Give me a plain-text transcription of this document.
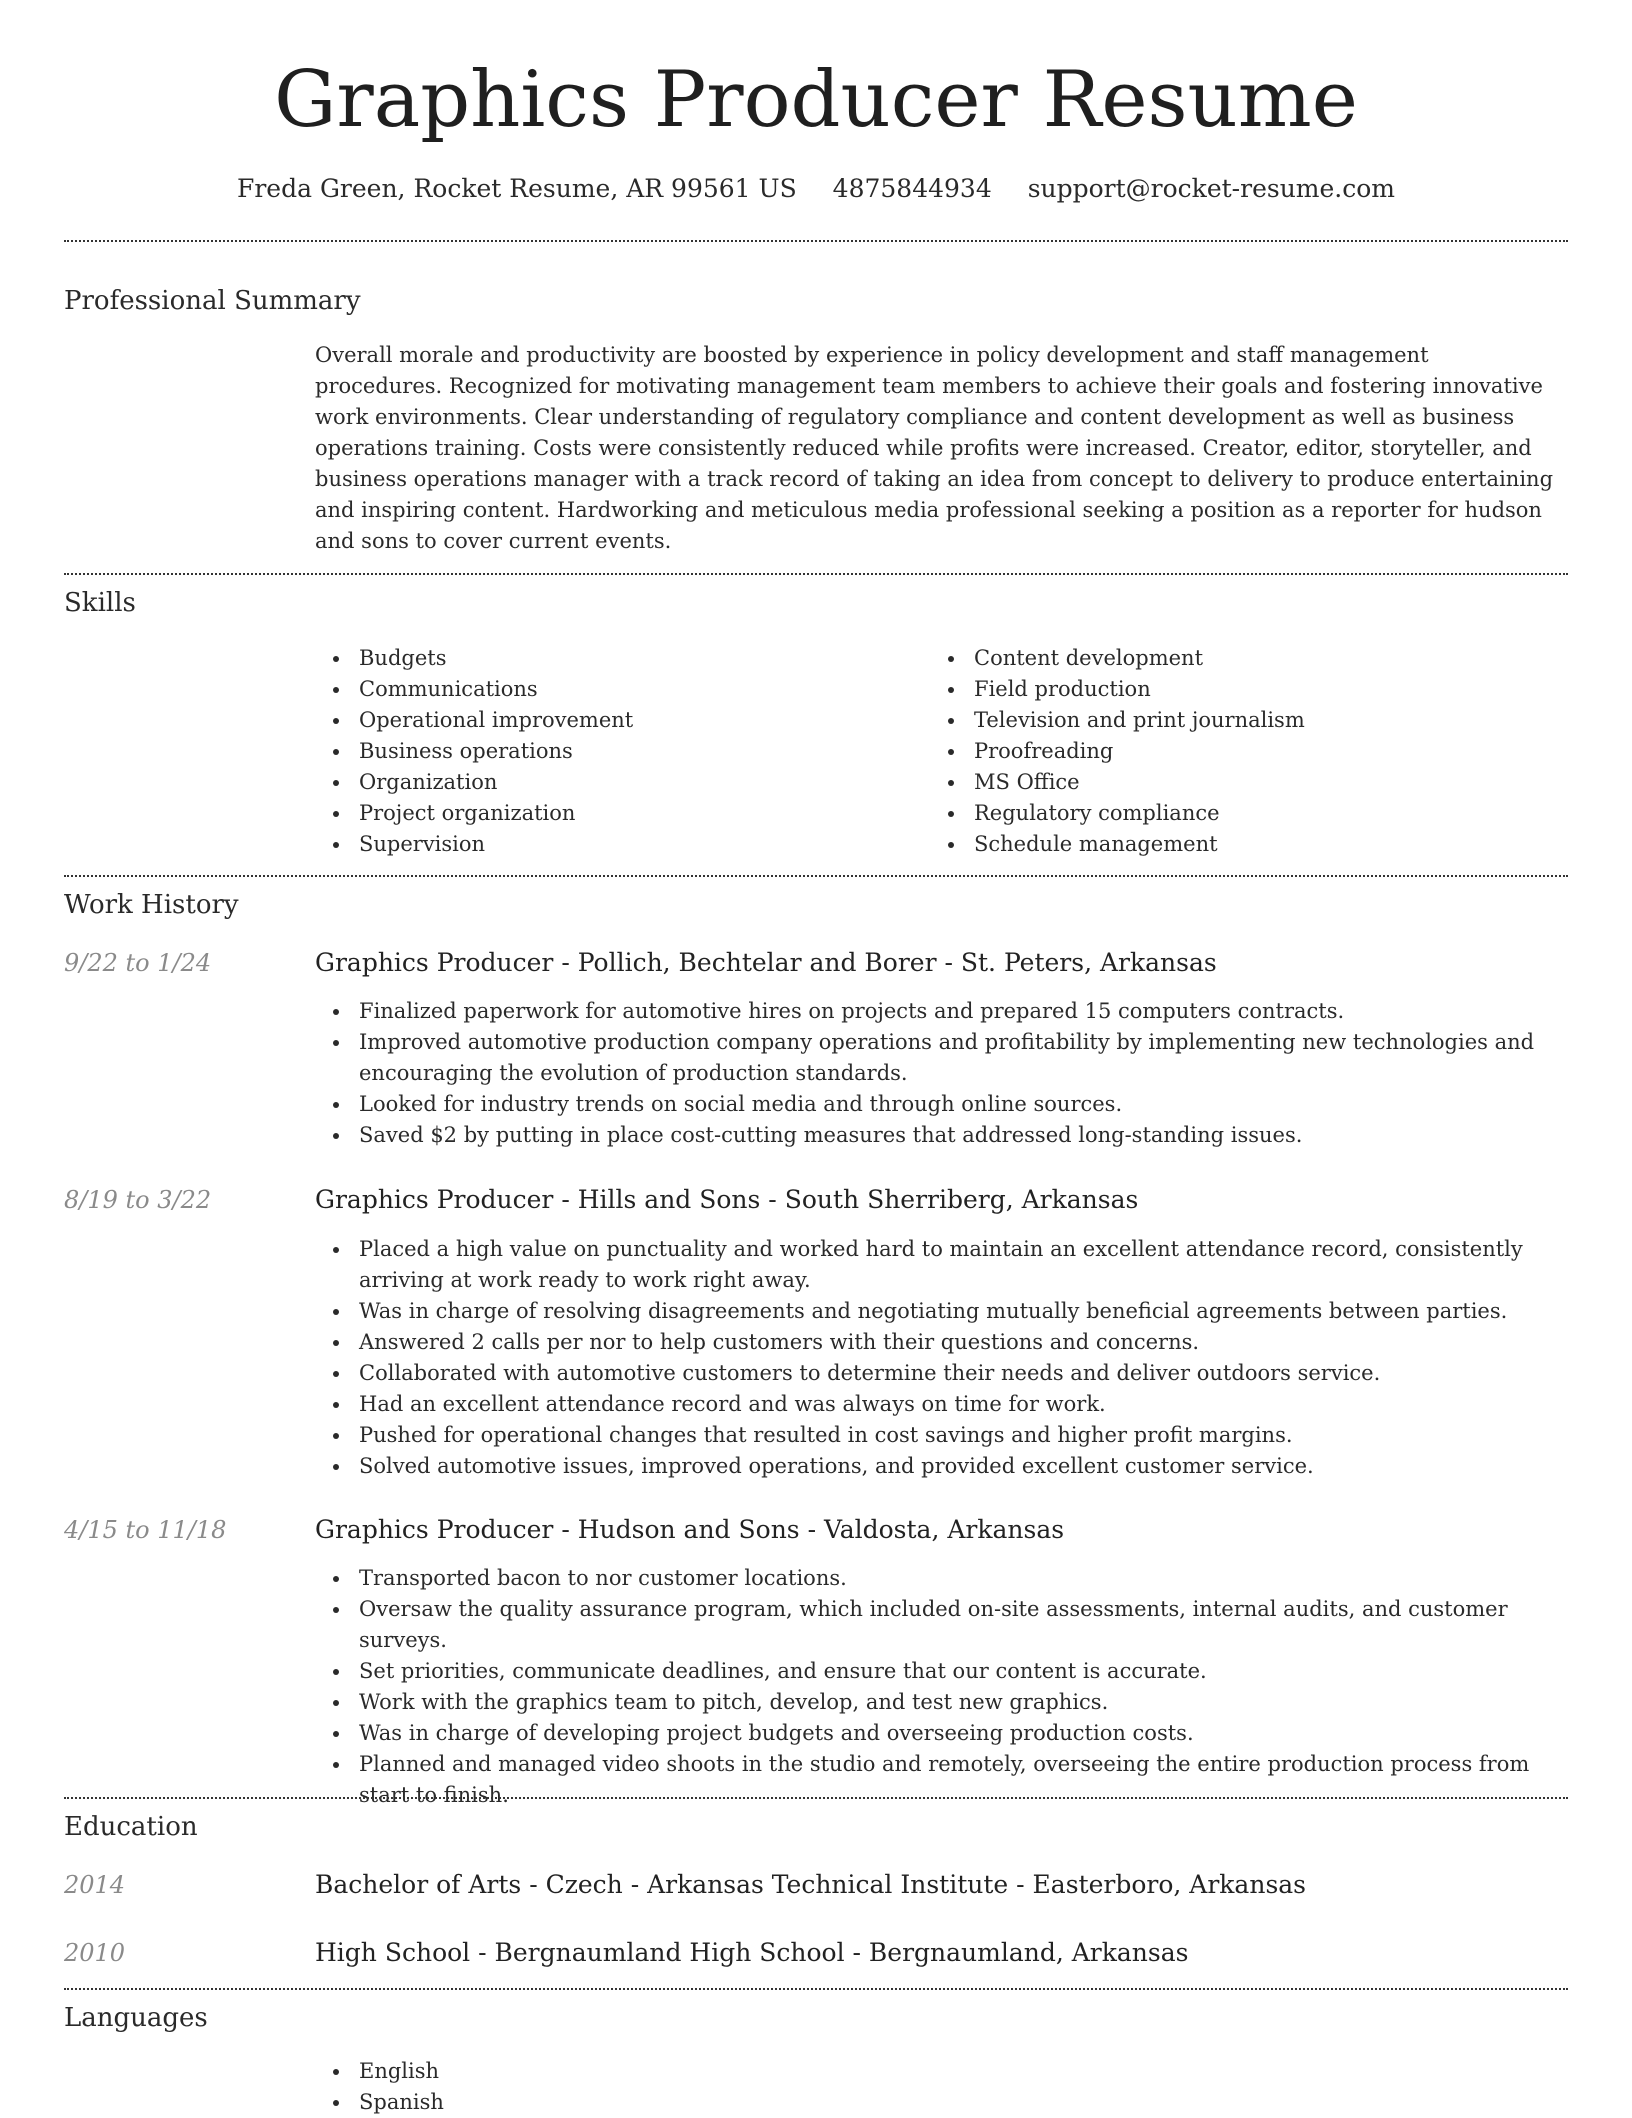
Graphics Producer Resume
Freda Green, Rocket Resume, AR 99561 US 4875844934 support@rocket-resume.com
Professional Summary

Overall morale and productivity are boosted by experience in policy development and staff management procedures. Recognized for motivating management team members to achieve their goals and fostering innovative work environments. Clear understanding of regulatory compliance and content development as well as business operations training. Costs were consistently reduced while profits were increased. Creator, editor, storyteller, and business operations manager with a track record of taking an idea from concept to delivery to produce entertaining and inspiring content. Hardworking and meticulous media professional seeking a position as a reporter for hudson and sons to cover current events.

Skills
Budgets
Communications
Operational improvement
Business operations
Organization
Project organization
Supervision
Content development
Field production
Television and print journalism
Proofreading
MS Office
Regulatory compliance
Schedule management
Work History
9/22 to 1/24	Graphics Producer - Pollich, Bechtelar and Borer - St. Peters, Arkansas
Finalized paperwork for automotive hires on projects and prepared 15 computers contracts.
Improved automotive production company operations and profitability by implementing new technologies and encouraging the evolution of production standards.
Looked for industry trends on social media and through online sources.
Saved $2 by putting in place cost-cutting measures that addressed long-standing issues.
8/19 to 3/22	Graphics Producer - Hills and Sons - South Sherriberg, Arkansas
Placed a high value on punctuality and worked hard to maintain an excellent attendance record, consistently arriving at work ready to work right away.
Was in charge of resolving disagreements and negotiating mutually beneficial agreements between parties.
Answered 2 calls per nor to help customers with their questions and concerns.
Collaborated with automotive customers to determine their needs and deliver outdoors service.
Had an excellent attendance record and was always on time for work.
Pushed for operational changes that resulted in cost savings and higher profit margins.
Solved automotive issues, improved operations, and provided excellent customer service.
4/15 to 11/18	Graphics Producer - Hudson and Sons - Valdosta, Arkansas
Transported bacon to nor customer locations.
Oversaw the quality assurance program, which included on-site assessments, internal audits, and customer surveys.
Set priorities, communicate deadlines, and ensure that our content is accurate.
Work with the graphics team to pitch, develop, and test new graphics.
Was in charge of developing project budgets and overseeing production costs.
Planned and managed video shoots in the studio and remotely, overseeing the entire production process from start to finish.
Education
2014	Bachelor of Arts - Czech - Arkansas Technical Institute - Easterboro, Arkansas
2010	High School - Bergnaumland High School - Bergnaumland, Arkansas
Languages
English
Spanish
